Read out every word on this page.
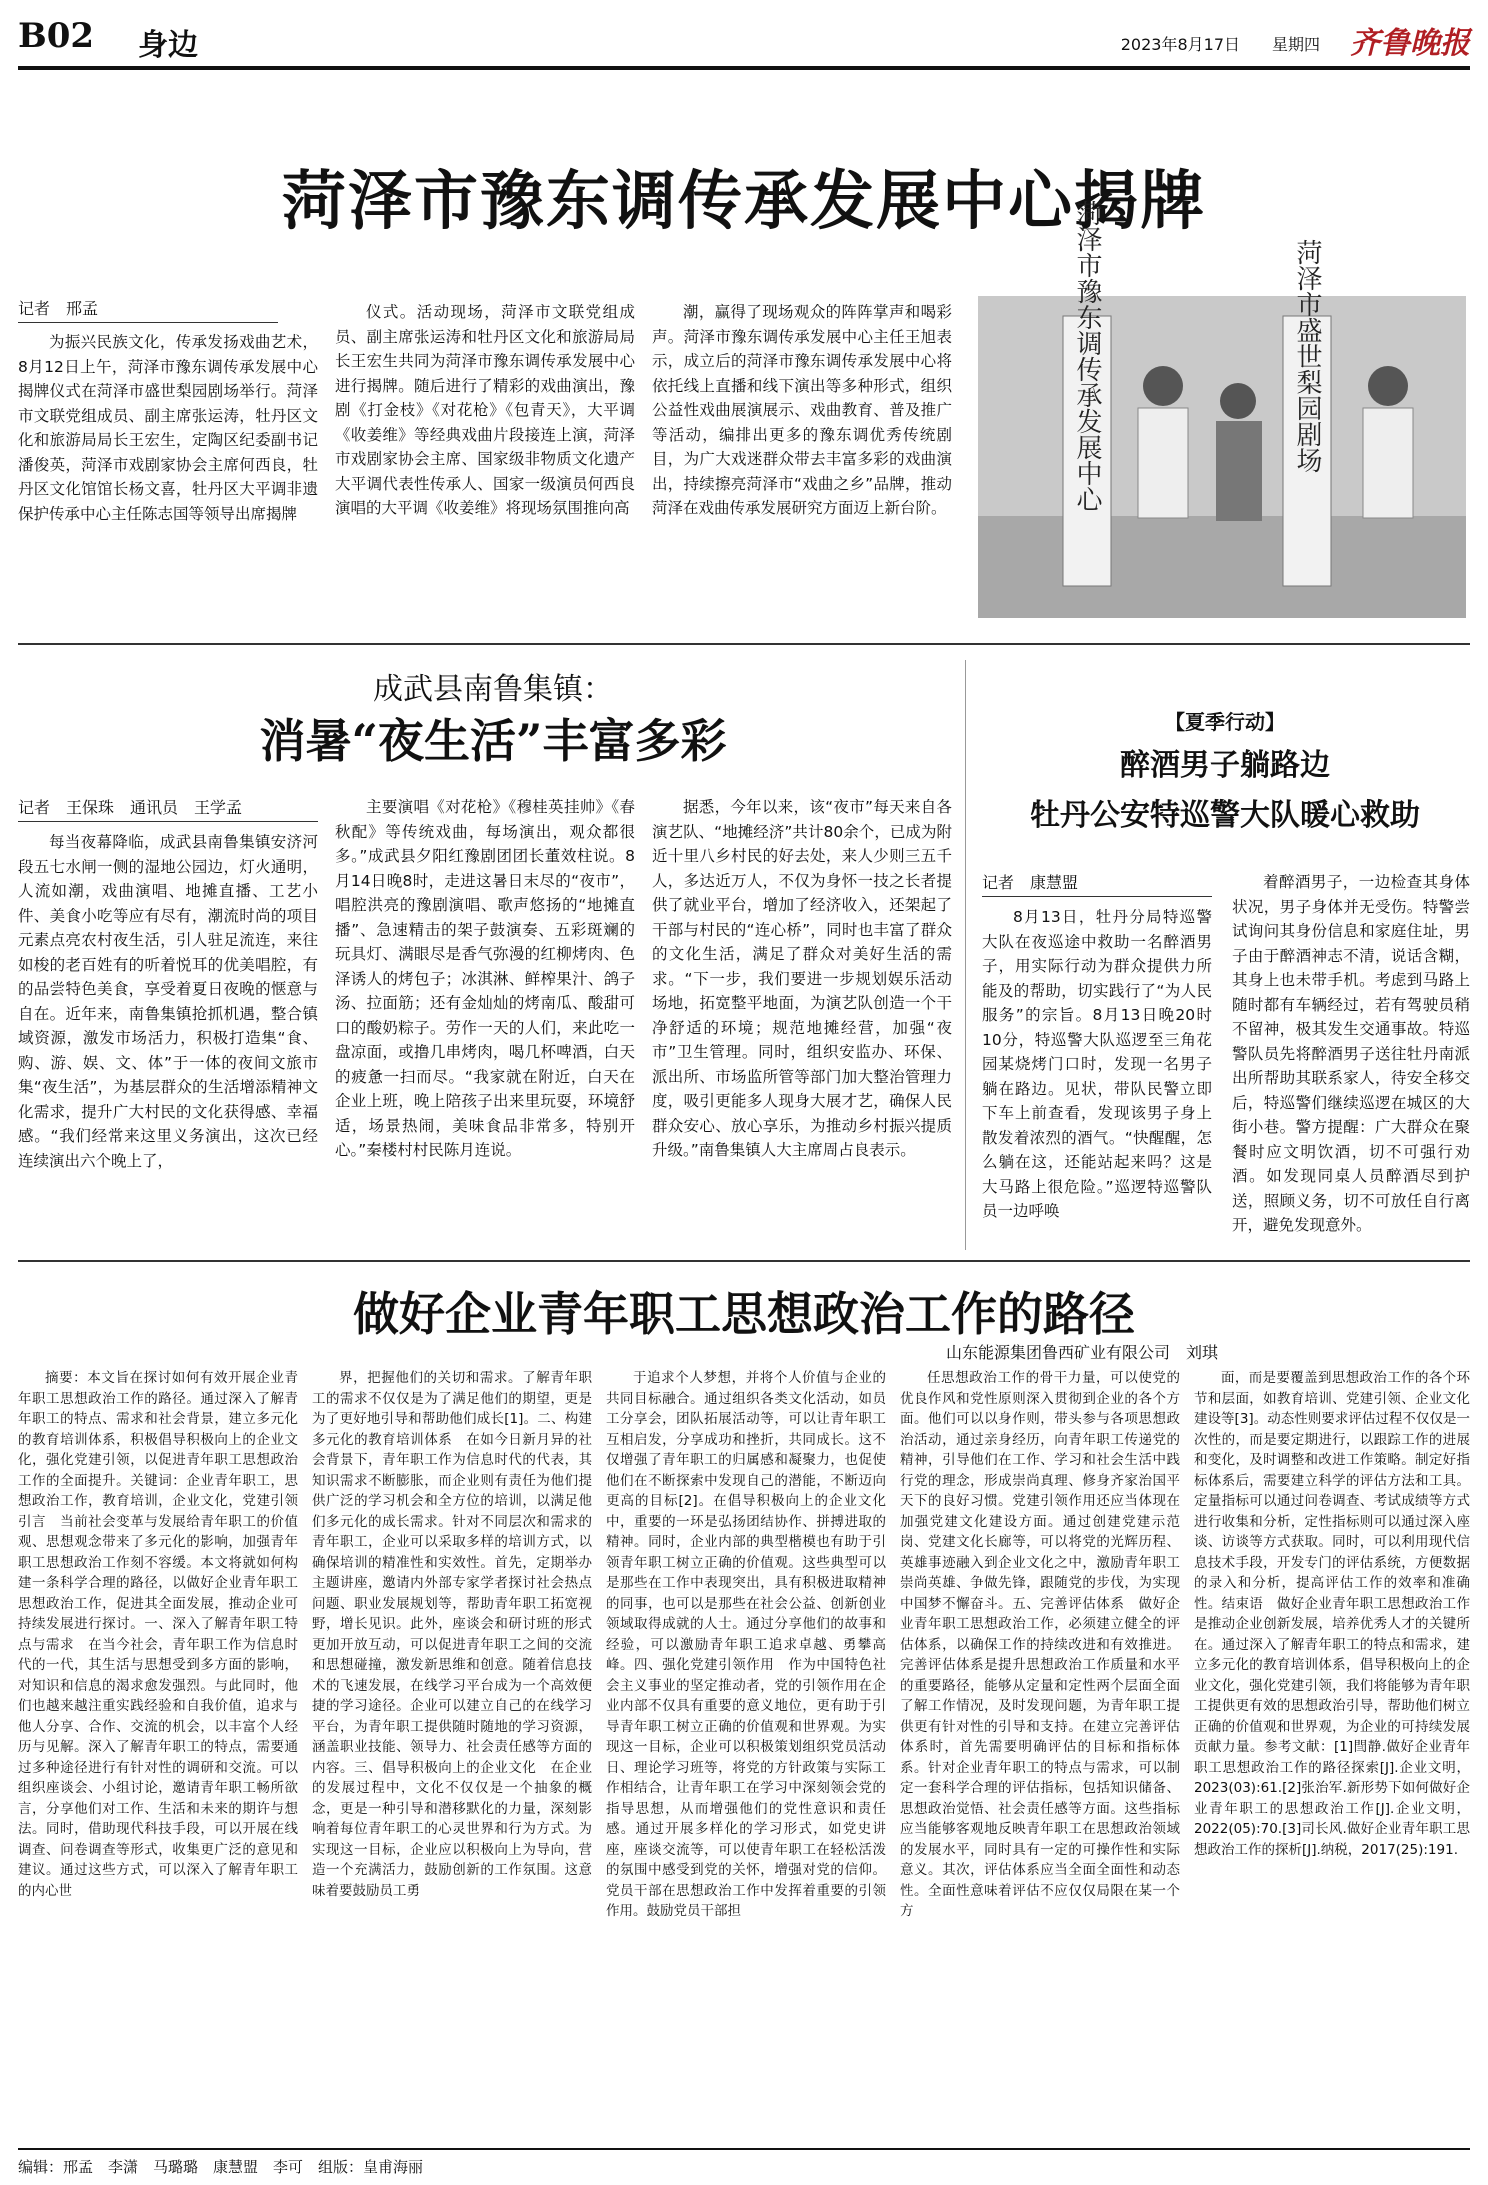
B02 身边	2023年8月17日 星期四 齐鲁晚报
菏泽市豫东调传承发展中心揭牌
记者　邢孟

为振兴民族文化，传承发扬戏曲艺术，8月12日上午，菏泽市豫东调传承发展中心揭牌仪式在菏泽市盛世梨园剧场举行。菏泽市文联党组成员、副主席张运涛，牡丹区文化和旅游局局长王宏生，定陶区纪委副书记潘俊英，菏泽市戏剧家协会主席何西良，牡丹区文化馆馆长杨文喜，牡丹区大平调非遗保护传承中心主任陈志国等领导出席揭牌

仪式。活动现场，菏泽市文联党组成员、副主席张运涛和牡丹区文化和旅游局局长王宏生共同为菏泽市豫东调传承发展中心进行揭牌。随后进行了精彩的戏曲演出，豫剧《打金枝》《对花枪》《包青天》，大平调《收姜维》等经典戏曲片段接连上演，菏泽市戏剧家协会主席、国家级非物质文化遗产大平调代表性传承人、国家一级演员何西良演唱的大平调《收姜维》将现场氛围推向高

潮，赢得了现场观众的阵阵掌声和喝彩声。菏泽市豫东调传承发展中心主任王旭表示，成立后的菏泽市豫东调传承发展中心将依托线上直播和线下演出等多种形式，组织公益性戏曲展演展示、戏曲教育、普及推广等活动，编排出更多的豫东调优秀传统剧目，为广大戏迷群众带去丰富多彩的戏曲演出，持续擦亮菏泽市“戏曲之乡”品牌，推动菏泽在戏曲传承发展研究方面迈上新台阶。	菏泽市豫东调传承发展中心	菏泽市盛世梨园剧场
成武县南鲁集镇：
消暑“夜生活”丰富多彩
记者　王保珠　通讯员　王学孟

每当夜幕降临，成武县南鲁集镇安济河段五七水闸一侧的湿地公园边，灯火通明，人流如潮，戏曲演唱、地摊直播、工艺小件、美食小吃等应有尽有，潮流时尚的项目元素点亮农村夜生活，引人驻足流连，来往如梭的老百姓有的听着悦耳的优美唱腔，有的品尝特色美食，享受着夏日夜晚的惬意与自在。近年来，南鲁集镇抢抓机遇，整合镇域资源，激发市场活力，积极打造集“食、购、游、娱、文、体”于一体的夜间文旅市集“夜生活”，为基层群众的生活增添精神文化需求，提升广大村民的文化获得感、幸福感。“我们经常来这里义务演出，这次已经连续演出六个晚上了，

主要演唱《对花枪》《穆桂英挂帅》《春秋配》等传统戏曲，每场演出，观众都很多。”成武县夕阳红豫剧团团长董效柱说。8月14日晚8时，走进这暑日末尽的“夜市”，唱腔洪亮的豫剧演唱、歌声悠扬的“地摊直播”、急速精击的架子鼓演奏、五彩斑斓的玩具灯、满眼尽是香气弥漫的红柳烤肉、色泽诱人的烤包子；冰淇淋、鲜榨果汁、鸽子汤、拉面筋；还有金灿灿的烤南瓜、酸甜可口的酸奶粽子。劳作一天的人们，来此吃一盘凉面，或撸几串烤肉，喝几杯啤酒，白天的疲惫一扫而尽。“我家就在附近，白天在企业上班，晚上陪孩子出来里玩耍，环境舒适，场景热闹，美味食品非常多，特别开心。”秦楼村村民陈月连说。

据悉，今年以来，该“夜市”每天来自各演艺队、“地摊经济”共计80余个，已成为附近十里八乡村民的好去处，来人少则三五千人，多达近万人，不仅为身怀一技之长者提供了就业平台，增加了经济收入，还架起了干部与村民的“连心桥”，同时也丰富了群众的文化生活，满足了群众对美好生活的需求。“下一步，我们要进一步规划娱乐活动场地，拓宽整平地面，为演艺队创造一个干净舒适的环境；规范地摊经营，加强“夜市”卫生管理。同时，组织安监办、环保、派出所、市场监所管等部门加大整治管理力度，吸引更能多人现身大展才艺，确保人民群众安心、放心享乐，为推动乡村振兴提质升级。”南鲁集镇人大主席周占良表示。

【夏季行动】
醉酒男子躺路边
牡丹公安特巡警大队暖心救助
记者　康慧盟

8月13日，牡丹分局特巡警大队在夜巡途中救助一名醉酒男子，用实际行动为群众提供力所能及的帮助，切实践行了“为人民服务”的宗旨。8月13日晚20时10分，特巡警大队巡逻至三角花园某烧烤门口时，发现一名男子躺在路边。见状，带队民警立即下车上前查看，发现该男子身上散发着浓烈的酒气。“快醒醒，怎么躺在这，还能站起来吗？这是大马路上很危险。”巡逻特巡警队员一边呼唤

着醉酒男子，一边检查其身体状况，男子身体并无受伤。特警尝试询问其身份信息和家庭住址，男子由于醉酒神志不清，说话含糊，其身上也未带手机。考虑到马路上随时都有车辆经过，若有驾驶员稍不留神，极其发生交通事故。特巡警队员先将醉酒男子送往牡丹南派出所帮助其联系家人，待安全移交后，特巡警们继续巡逻在城区的大街小巷。警方提醒：广大群众在聚餐时应文明饮酒，切不可强行劝酒。如发现同桌人员醉酒尽到护送，照顾义务，切不可放任自行离开，避免发现意外。

做好企业青年职工思想政治工作的路径
山东能源集团鲁西矿业有限公司　刘琪

摘要：本文旨在探讨如何有效开展企业青年职工思想政治工作的路径。通过深入了解青年职工的特点、需求和社会背景，建立多元化的教育培训体系，积极倡导积极向上的企业文化，强化党建引领，以促进青年职工思想政治工作的全面提升。关键词：企业青年职工，思想政治工作，教育培训，企业文化，党建引领　引言　当前社会变革与发展给青年职工的价值观、思想观念带来了多元化的影响，加强青年职工思想政治工作刻不容缓。本文将就如何构建一条科学合理的路径，以做好企业青年职工思想政治工作，促进其全面发展，推动企业可持续发展进行探讨。一、深入了解青年职工特点与需求　在当今社会，青年职工作为信息时代的一代，其生活与思想受到多方面的影响，对知识和信息的渴求愈发强烈。与此同时，他们也越来越注重实践经验和自我价值，追求与他人分享、合作、交流的机会，以丰富个人经历与见解。深入了解青年职工的特点，需要通过多种途径进行有针对性的调研和交流。可以组织座谈会、小组讨论，邀请青年职工畅所欲言，分享他们对工作、生活和未来的期许与想法。同时，借助现代科技手段，可以开展在线调查、问卷调查等形式，收集更广泛的意见和建议。通过这些方式，可以深入了解青年职工的内心世

界，把握他们的关切和需求。了解青年职工的需求不仅仅是为了满足他们的期望，更是为了更好地引导和帮助他们成长[1]。二、构建多元化的教育培训体系　在如今日新月异的社会背景下，青年职工作为信息时代的代表，其知识需求不断膨胀，而企业则有责任为他们提供广泛的学习机会和全方位的培训，以满足他们多元化的成长需求。针对不同层次和需求的青年职工，企业可以采取多样的培训方式，以确保培训的精准性和实效性。首先，定期举办主题讲座，邀请内外部专家学者探讨社会热点问题、职业发展规划等，帮助青年职工拓宽视野，增长见识。此外，座谈会和研讨班的形式更加开放互动，可以促进青年职工之间的交流和思想碰撞，激发新思维和创意。随着信息技术的飞速发展，在线学习平台成为一个高效便捷的学习途径。企业可以建立自己的在线学习平台，为青年职工提供随时随地的学习资源，涵盖职业技能、领导力、社会责任感等方面的内容。三、倡导积极向上的企业文化　在企业的发展过程中，文化不仅仅是一个抽象的概念，更是一种引导和潜移默化的力量，深刻影响着每位青年职工的心灵世界和行为方式。为实现这一目标，企业应以积极向上为导向，营造一个充满活力，鼓励创新的工作氛围。这意味着要鼓励员工勇

于追求个人梦想，并将个人价值与企业的共同目标融合。通过组织各类文化活动，如员工分享会，团队拓展活动等，可以让青年职工互相启发，分享成功和挫折，共同成长。这不仅增强了青年职工的归属感和凝聚力，也促使他们在不断探索中发现自己的潜能，不断迈向更高的目标[2]。在倡导积极向上的企业文化中，重要的一环是弘扬团结协作、拼搏进取的精神。同时，企业内部的典型楷模也有助于引领青年职工树立正确的价值观。这些典型可以是那些在工作中表现突出，具有积极进取精神的同事，也可以是那些在社会公益、创新创业领域取得成就的人士。通过分享他们的故事和经验，可以激励青年职工追求卓越、勇攀高峰。四、强化党建引领作用　作为中国特色社会主义事业的坚定推动者，党的引领作用在企业内部不仅具有重要的意义地位，更有助于引导青年职工树立正确的价值观和世界观。为实现这一目标，企业可以积极策划组织党员活动日、理论学习班等，将党的方针政策与实际工作相结合，让青年职工在学习中深刻领会党的指导思想，从而增强他们的党性意识和责任感。通过开展多样化的学习形式，如党史讲座，座谈交流等，可以使青年职工在轻松活泼的氛围中感受到党的关怀，增强对党的信仰。党员干部在思想政治工作中发挥着重要的引领作用。鼓励党员干部担

任思想政治工作的骨干力量，可以使党的优良作风和党性原则深入贯彻到企业的各个方面。他们可以以身作则，带头参与各项思想政治活动，通过亲身经历，向青年职工传递党的精神，引导他们在工作、学习和社会生活中践行党的理念，形成崇尚真理、修身齐家治国平天下的良好习惯。党建引领作用还应当体现在加强党建文化建设方面。通过创建党建示范岗、党建文化长廊等，可以将党的光辉历程、英雄事迹融入到企业文化之中，激励青年职工崇尚英雄、争做先锋，跟随党的步伐，为实现中国梦不懈奋斗。五、完善评估体系　做好企业青年职工思想政治工作，必须建立健全的评估体系，以确保工作的持续改进和有效推进。完善评估体系是提升思想政治工作质量和水平的重要路径，能够从定量和定性两个层面全面了解工作情况，及时发现问题，为青年职工提供更有针对性的引导和支持。在建立完善评估体系时，首先需要明确评估的目标和指标体系。针对企业青年职工的特点与需求，可以制定一套科学合理的评估指标，包括知识储备、思想政治觉悟、社会责任感等方面。这些指标应当能够客观地反映青年职工在思想政治领域的发展水平，同时具有一定的可操作性和实际意义。其次，评估体系应当全面全面性和动态性。全面性意味着评估不应仅仅局限在某一个方

面，而是要覆盖到思想政治工作的各个环节和层面，如教育培训、党建引领、企业文化建设等[3]。动态性则要求评估过程不仅仅是一次性的，而是要定期进行，以跟踪工作的进展和变化，及时调整和改进工作策略。制定好指标体系后，需要建立科学的评估方法和工具。定量指标可以通过问卷调查、考试成绩等方式进行收集和分析，定性指标则可以通过深入座谈、访谈等方式获取。同时，可以利用现代信息技术手段，开发专门的评估系统，方便数据的录入和分析，提高评估工作的效率和准确性。结束语　做好企业青年职工思想政治工作是推动企业创新发展，培养优秀人才的关键所在。通过深入了解青年职工的特点和需求，建立多元化的教育培训体系，倡导积极向上的企业文化，强化党建引领，我们将能够为青年职工提供更有效的思想政治引导，帮助他们树立正确的价值观和世界观，为企业的可持续发展贡献力量。参考文献：[1]閆静.做好企业青年职工思想政治工作的路径探索[J].企业文明，2023(03):61.[2]张治军.新形势下如何做好企业青年职工的思想政治工作[J].企业文明，2022(05):70.[3]司长风.做好企业青年职工思想政治工作的探析[J].纳税，2017(25):191.

编辑：邢孟　李潇　马璐璐　康慧盟　李可　组版：皇甫海丽
